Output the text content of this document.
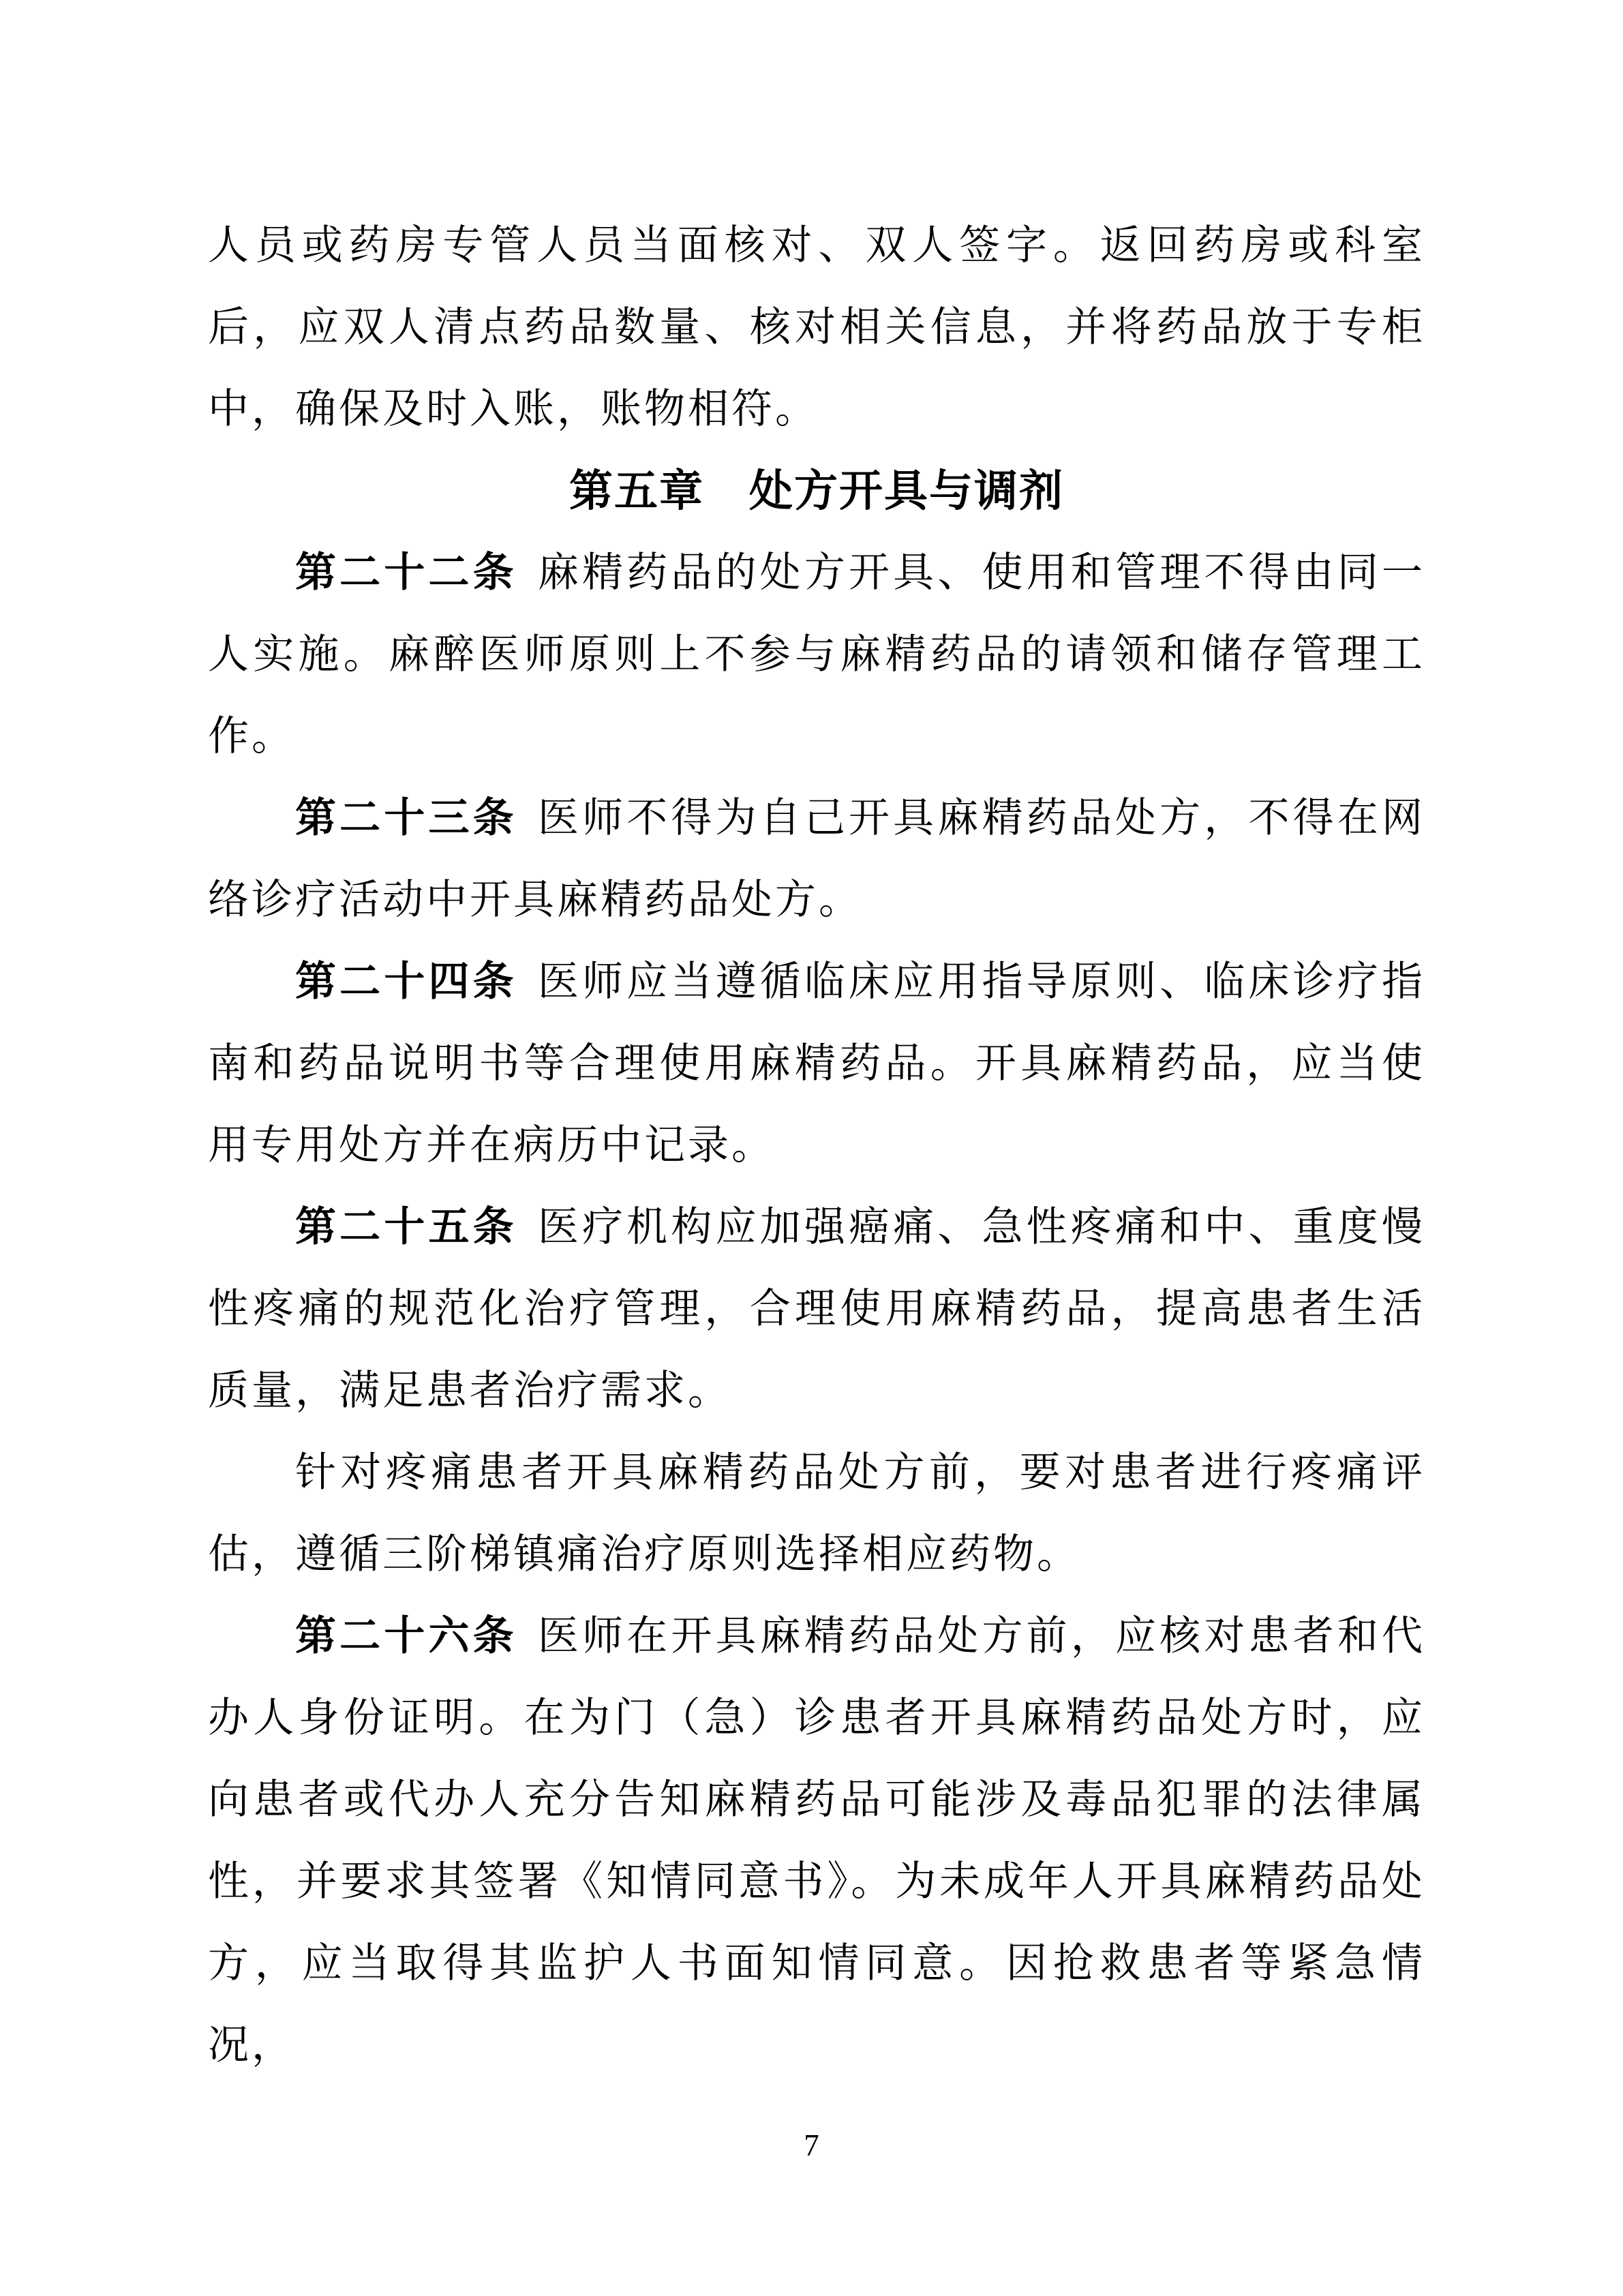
人员或药房专管人员当面核对、双人签字。返回药房或科室后，应双人清点药品数量、核对相关信息，并将药品放于专柜中，确保及时入账，账物相符。

第五章　处方开具与调剂

第二十二条 麻精药品的处方开具、使用和管理不得由同一人实施。麻醉医师原则上不参与麻精药品的请领和储存管理工作。

第二十三条 医师不得为自己开具麻精药品处方，不得在网络诊疗活动中开具麻精药品处方。

第二十四条 医师应当遵循临床应用指导原则、临床诊疗指南和药品说明书等合理使用麻精药品。开具麻精药品，应当使用专用处方并在病历中记录。

第二十五条 医疗机构应加强癌痛、急性疼痛和中、重度慢性疼痛的规范化治疗管理，合理使用麻精药品，提高患者生活质量，满足患者治疗需求。

针对疼痛患者开具麻精药品处方前，要对患者进行疼痛评估，遵循三阶梯镇痛治疗原则选择相应药物。

第二十六条 医师在开具麻精药品处方前，应核对患者和代办人身份证明。在为门（急）诊患者开具麻精药品处方时，应向患者或代办人充分告知麻精药品可能涉及毒品犯罪的法律属性，并要求其签署《知情同意书》。为未成年人开具麻精药品处方，应当取得其监护人书面知情同意。因抢救患者等紧急情况，

7
